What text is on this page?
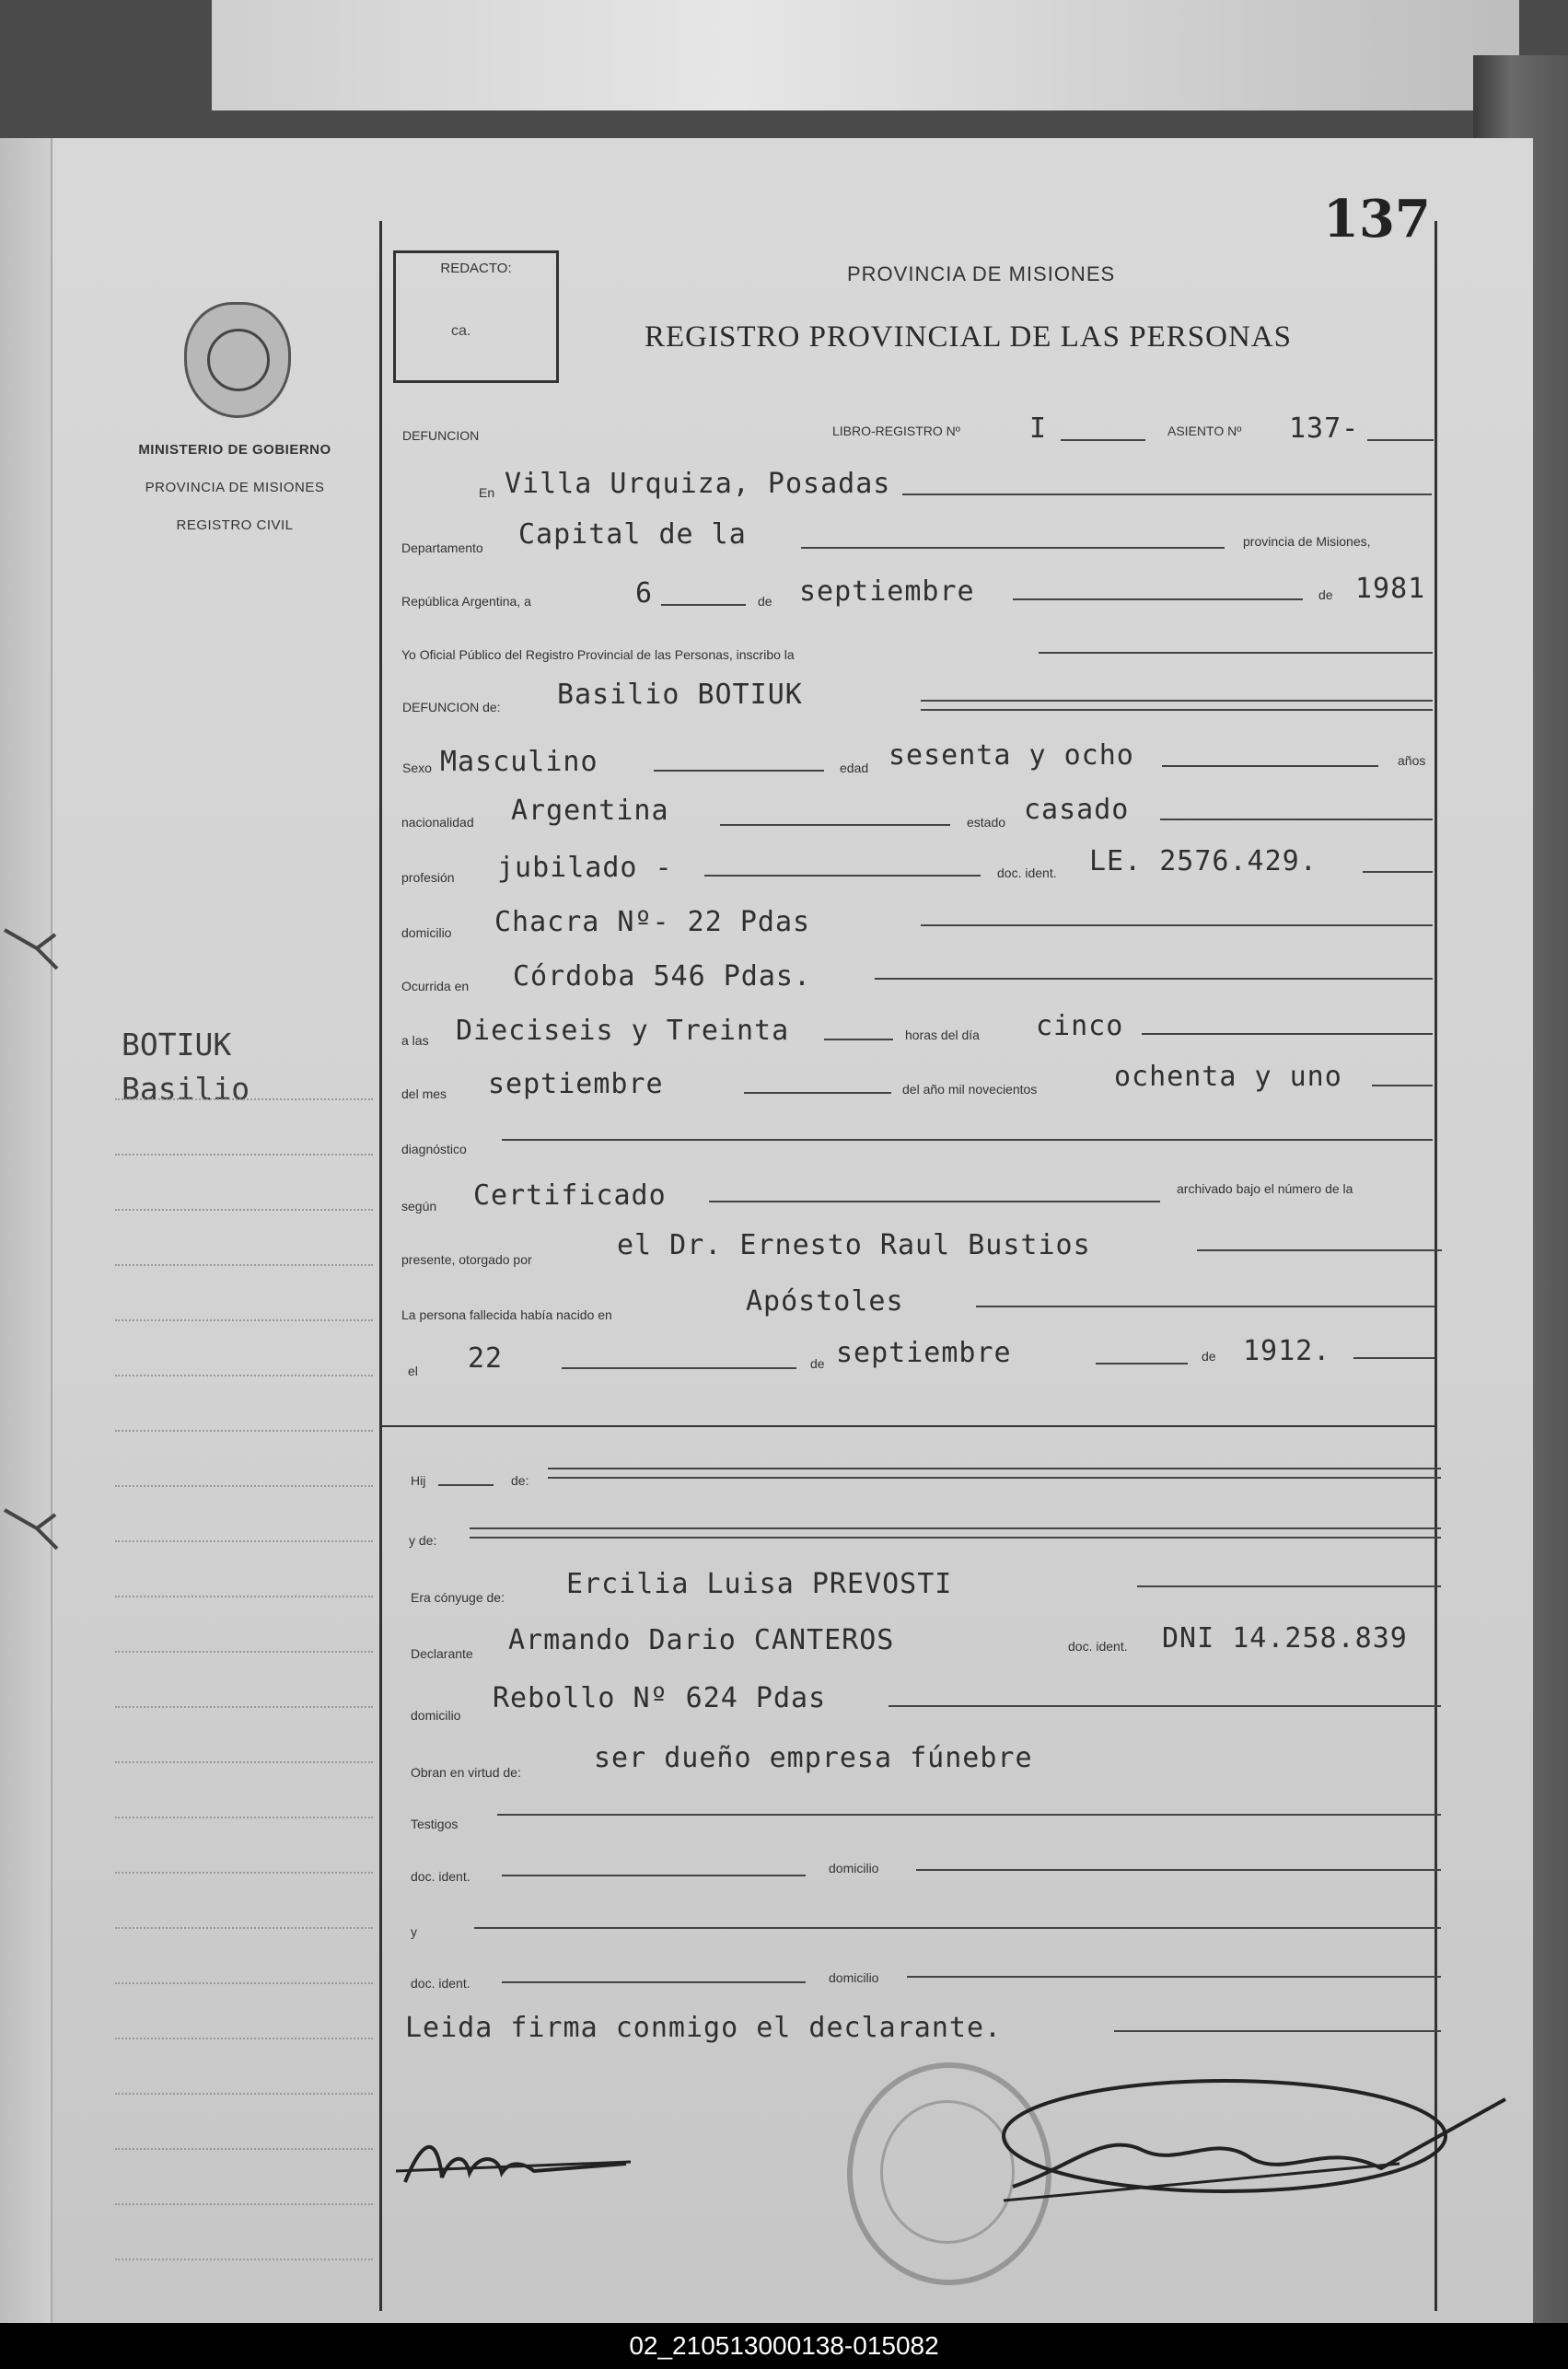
MINISTERIO DE GOBIERNO
PROVINCIA DE MISIONES
REGISTRO CIVIL
BOTIUK
Basilio
REDACTO:
ca.
137
PROVINCIA DE MISIONES
REGISTRO PROVINCIAL DE LAS PERSONAS
DEFUNCION	LIBRO-REGISTRO Nº	I	ASIENTO Nº 137-
En Villa Urquiza, Posadas
Departamento Capital de la	provincia de Misiones,
República Argentina, a	6	de septiembre	de 1981
Yo Oficial Público del Registro Provincial de las Personas, inscribo la
DEFUNCION de: Basilio BOTIUK
Sexo Masculino	edad sesenta y ocho	años
nacionalidad Argentina	estado casado
profesión jubilado -	doc. ident. LE. 2576.429.
domicilio Chacra Nº- 22 Pdas
Ocurrida en Córdoba 546 Pdas.
a las Dieciseis y Treinta	horas del día cinco
del mes septiembre	del año mil novecientos	ochenta y uno
diagnóstico
según Certificado	archivado bajo el número de la
presente, otorgado por	el Dr. Ernesto Raul Bustios
La persona fallecida había nacido en	Apóstoles
el 22	de septiembre	de 1912.
Hij	de:
y de:
Era cónyuge de: Ercilia Luisa PREVOSTI
Declarante Armando Dario CANTEROS	doc. ident. DNI 14.258.839
domicilio
Rebollo Nº 624 Pdas
Obran en virtud de:	ser dueño empresa fúnebre
Testigos
doc. ident.
domicilio
y
doc. ident.	domicilio
Leida firma conmigo el declarante.
02_210513000138-015082
